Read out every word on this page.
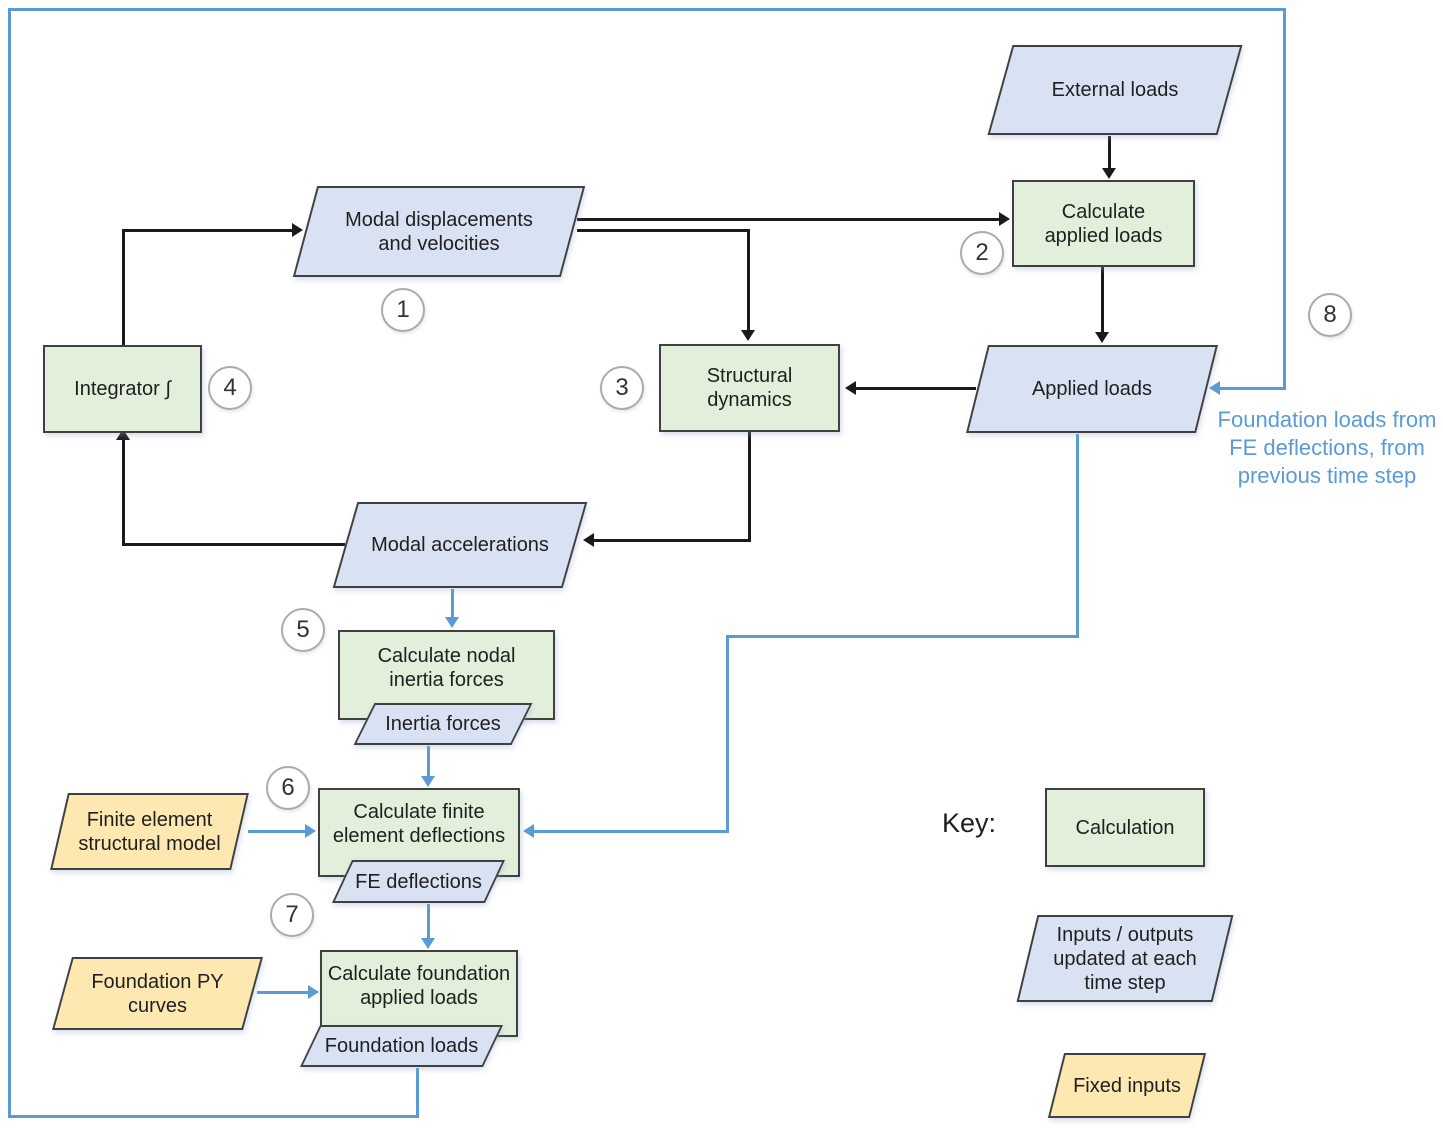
External loads
Modal displacements and velocities
Applied loads
Modal accelerations
Calculate applied loads
Integrator ∫
Structural dynamics
Calculate nodal inertia forces
Calculate finite element deflections
Calculate foundation applied loads
Inertia forces
FE deflections
Foundation loads
Finite element structural model
Foundation PY curves
1
2
3
4
5
6
7
8
Foundation loads from FE deflections, from previous time step
Key:	Calculation
Inputs / outputs updated at each time step
Fixed inputs
